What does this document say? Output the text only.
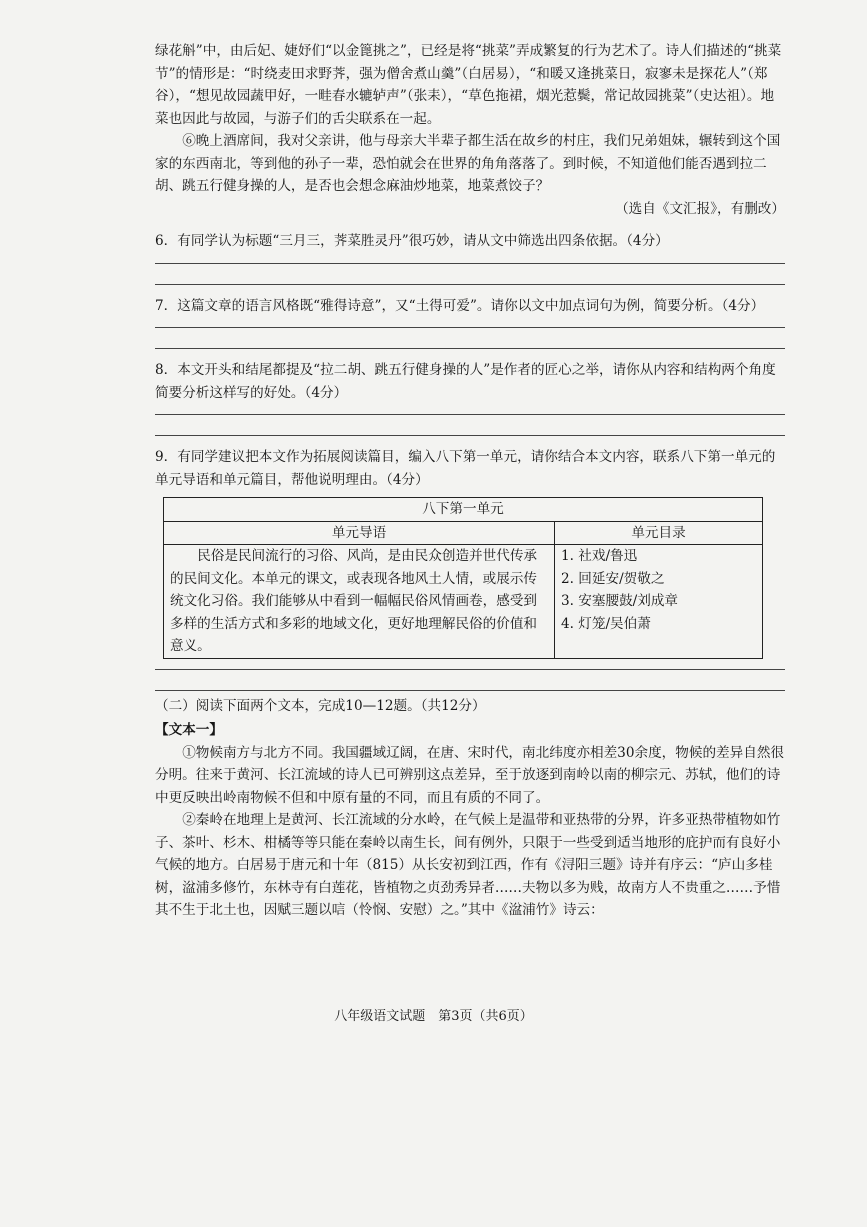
绿花斛”中，由后妃、婕妤们“以金篦挑之”，已经是将“挑菜”弄成繁复的行为艺术了。诗人们描述的“挑菜节”的情形是：“时绕麦田求野荠，强为僧舍煮山羹”（白居易），“和暖又逢挑菜日，寂寥未是探花人”（郑谷），“想见故园蔬甲好，一畦春水辘轳声”（张耒），“草色拖裙，烟光惹鬓，常记故园挑菜”（史达祖）。地菜也因此与故园，与游子们的舌尖联系在一起。

⑥晚上酒席间，我对父亲讲，他与母亲大半辈子都生活在故乡的村庄，我们兄弟姐妹，辗转到这个国家的东西南北，等到他的孙子一辈，恐怕就会在世界的角角落落了。到时候，不知道他们能否遇到拉二胡、跳五行健身操的人，是否也会想念麻油炒地菜，地菜煮饺子？

（选自《文汇报》，有删改）

6．有同学认为标题“三月三，荠菜胜灵丹”很巧妙，请从文中筛选出四条依据。（4分）

7．这篇文章的语言风格既“雅得诗意”，又“土得可爱”。请你以文中加点词句为例，简要分析。（4分）

8．本文开头和结尾都提及“拉二胡、跳五行健身操的人”是作者的匠心之举，请你从内容和结构两个角度简要分析这样写的好处。（4分）

9．有同学建议把本文作为拓展阅读篇目，编入八下第一单元，请你结合本文内容，联系八下第一单元的单元导语和单元篇目，帮他说明理由。（4分）

八下第一单元	
单元导语	单元目录
民俗是民间流行的习俗、风尚，是由民众创造并世代传承的民间文化。本单元的课文，或表现各地风土人情，或展示传统文化习俗。我们能够从中看到一幅幅民俗风情画卷，感受到多样的生活方式和多彩的地域文化，更好地理解民俗的价值和意义。	1. 社戏/鲁迅
2. 回延安/贺敬之
3. 安塞腰鼓/刘成章
4. 灯笼/吴伯萧

（二）阅读下面两个文本，完成10—12题。（共12分）

【文本一】

①物候南方与北方不同。我国疆域辽阔，在唐、宋时代，南北纬度亦相差30余度，物候的差异自然很分明。往来于黄河、长江流域的诗人已可辨别这点差异，至于放逐到南岭以南的柳宗元、苏轼，他们的诗中更反映出岭南物候不但和中原有量的不同，而且有质的不同了。

②秦岭在地理上是黄河、长江流域的分水岭，在气候上是温带和亚热带的分界，许多亚热带植物如竹子、茶叶、杉木、柑橘等等只能在秦岭以南生长，间有例外，只限于一些受到适当地形的庇护而有良好小气候的地方。白居易于唐元和十年（815）从长安初到江西，作有《浔阳三题》诗并有序云：“庐山多桂树，湓浦多修竹，东林寺有白莲花，皆植物之贞劲秀异者……夫物以多为贱，故南方人不贵重之……予惜其不生于北土也，因赋三题以唁（怜悯、安慰）之。”其中《湓浦竹》诗云：

八年级语文试题　第3页（共6页）
